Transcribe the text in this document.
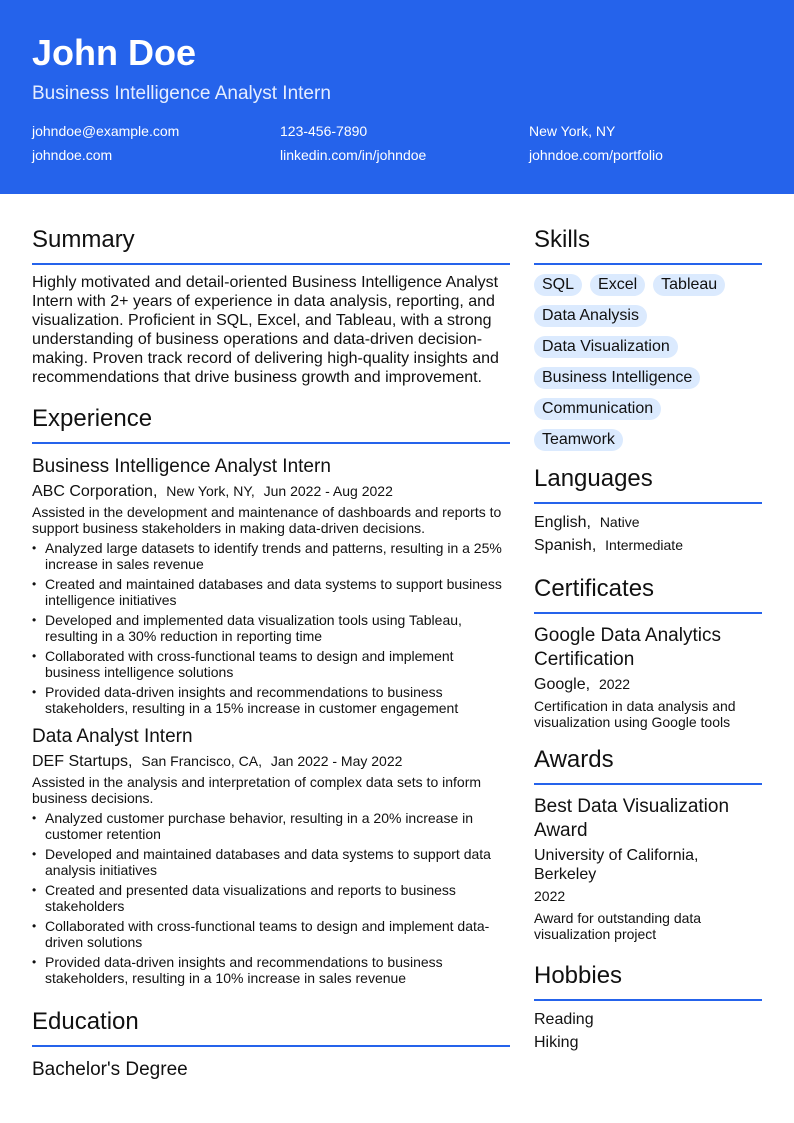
John Doe
Business Intelligence Analyst Intern
johndoe@example.com	123-456-7890	New York, NY
johndoe.com	linkedin.com/in/johndoe	johndoe.com/portfolio
Summary

Highly motivated and detail-oriented Business Intelligence Analyst Intern with 2+ years of experience in data analysis, reporting, and visualization. Proficient in SQL, Excel, and Tableau, with a strong understanding of business operations and data-driven decision-making. Proven track record of delivering high-quality insights and recommendations that drive business growth and improvement.

Experience
Business Intelligence Analyst Intern
ABC Corporation, New York, NY, Jun 2022 - Aug 2022

Assisted in the development and maintenance of dashboards and reports to support business stakeholders in making data-driven decisions.

• Analyzed large datasets to identify trends and patterns, resulting in a 25% increase in sales revenue
• Created and maintained databases and data systems to support business intelligence initiatives
• Developed and implemented data visualization tools using Tableau, resulting in a 30% reduction in reporting time
• Collaborated with cross-functional teams to design and implement business intelligence solutions
• Provided data-driven insights and recommendations to business stakeholders, resulting in a 15% increase in customer engagement
Data Analyst Intern
DEF Startups, San Francisco, CA, Jan 2022 - May 2022

Assisted in the analysis and interpretation of complex data sets to inform business decisions.

• Analyzed customer purchase behavior, resulting in a 20% increase in customer retention
• Developed and maintained databases and data systems to support data analysis initiatives
• Created and presented data visualizations and reports to business stakeholders
• Collaborated with cross-functional teams to design and implement data-driven solutions
• Provided data-driven insights and recommendations to business stakeholders, resulting in a 10% increase in sales revenue
Education
Bachelor's Degree
Skills
SQL	Excel	Tableau
Data Analysis
Data Visualization
Business Intelligence
Communication
Teamwork
Languages
English, Native
Spanish, Intermediate
Certificates
Google Data Analytics Certification
Google, 2022
Certification in data analysis and visualization using Google tools
Awards
Best Data Visualization Award
University of California, Berkeley
2022
Award for outstanding data visualization project
Hobbies
Reading
Hiking
